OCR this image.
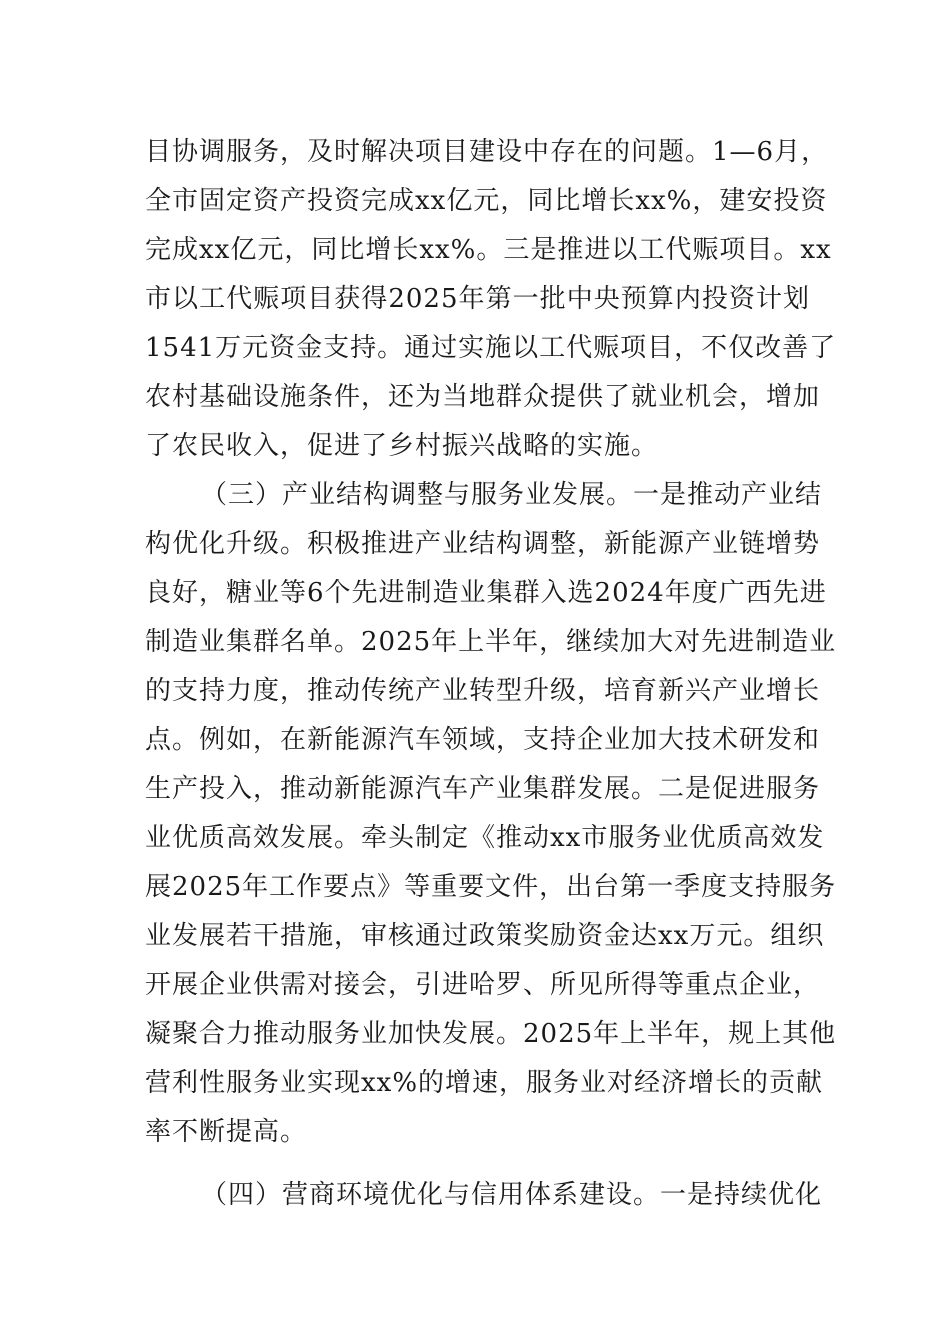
目协调服务，及时解决项目建设中存在的问题。1—6月，
全市固定资产投资完成xx亿元，同比增长xx%，建安投资
完成xx亿元，同比增长xx%。三是推进以工代赈项目。xx
市以工代赈项目获得2025年第一批中央预算内投资计划
1541万元资金支持。通过实施以工代赈项目，不仅改善了
农村基础设施条件，还为当地群众提供了就业机会，增加
了农民收入，促进了乡村振兴战略的实施。
（三）产业结构调整与服务业发展。一是推动产业结
构优化升级。积极推进产业结构调整，新能源产业链增势
良好，糖业等6个先进制造业集群入选2024年度广西先进
制造业集群名单。2025年上半年，继续加大对先进制造业
的支持力度，推动传统产业转型升级，培育新兴产业增长
点。例如，在新能源汽车领域，支持企业加大技术研发和
生产投入，推动新能源汽车产业集群发展。二是促进服务
业优质高效发展。牵头制定《推动xx市服务业优质高效发
展2025年工作要点》等重要文件，出台第一季度支持服务
业发展若干措施，审核通过政策奖励资金达xx万元。组织
开展企业供需对接会，引进哈罗、所见所得等重点企业，
凝聚合力推动服务业加快发展。2025年上半年，规上其他
营利性服务业实现xx%的增速，服务业对经济增长的贡献
率不断提高。
（四）营商环境优化与信用体系建设。一是持续优化
